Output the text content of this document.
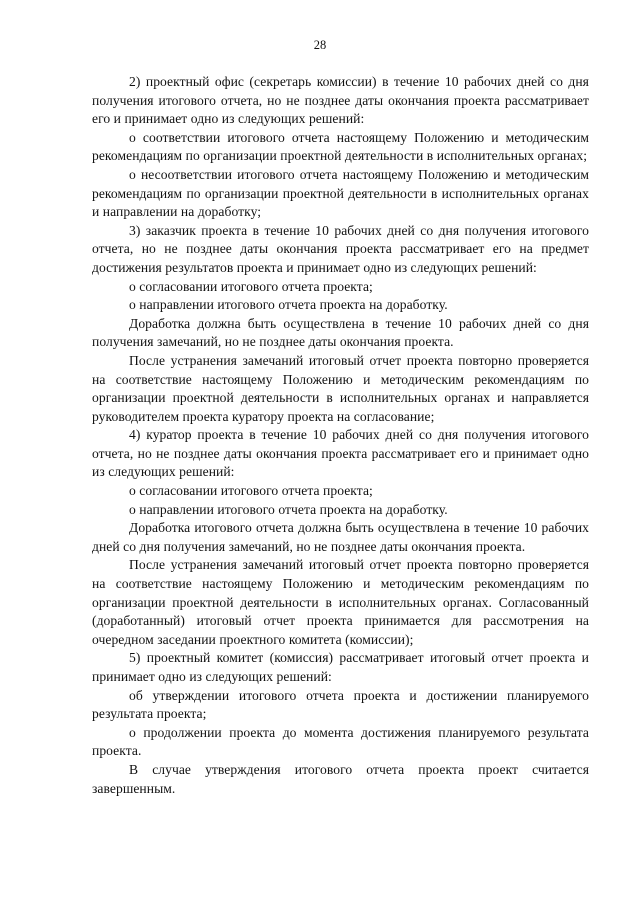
28

2) проектный офис (секретарь комиссии) в течение 10 рабочих дней со дня получения итогового отчета, но не позднее даты окончания проекта рассматривает его и принимает одно из следующих решений:

о соответствии итогового отчета настоящему Положению и методическим рекомендациям по организации проектной деятельности в исполнительных органах;

о несоответствии итогового отчета настоящему Положению и методическим рекомендациям по организации проектной деятельности в исполнительных органах и направлении на доработку;

3) заказчик проекта в течение 10 рабочих дней со дня получения итогового отчета, но не позднее даты окончания проекта рассматривает его на предмет достижения результатов проекта и принимает одно из следующих решений:

о согласовании итогового отчета проекта;

о направлении итогового отчета проекта на доработку.

Доработка должна быть осуществлена в течение 10 рабочих дней со дня получения замечаний, но не позднее даты окончания проекта.

После устранения замечаний итоговый отчет проекта повторно проверяется на соответствие настоящему Положению и методическим рекомендациям по организации проектной деятельности в исполнительных органах и направляется руководителем проекта куратору проекта на согласование;

4) куратор проекта в течение 10 рабочих дней со дня получения итогового отчета, но не позднее даты окончания проекта рассматривает его и принимает одно из следующих решений:

о согласовании итогового отчета проекта;

о направлении итогового отчета проекта на доработку.

Доработка итогового отчета должна быть осуществлена в течение 10 рабочих дней со дня получения замечаний, но не позднее даты окончания проекта.

После устранения замечаний итоговый отчет проекта повторно проверяется на соответствие настоящему Положению и методическим рекомендациям по организации проектной деятельности в исполнительных органах. Согласованный (доработанный) итоговый отчет проекта принимается для рассмотрения на очередном заседании проектного комитета (комиссии);

5) проектный комитет (комиссия) рассматривает итоговый отчет проекта и принимает одно из следующих решений:

об утверждении итогового отчета проекта и достижении планируемого результата проекта;

о продолжении проекта до момента достижения планируемого результата проекта.

В случае утверждения итогового отчета проекта проект считается завершенным.
